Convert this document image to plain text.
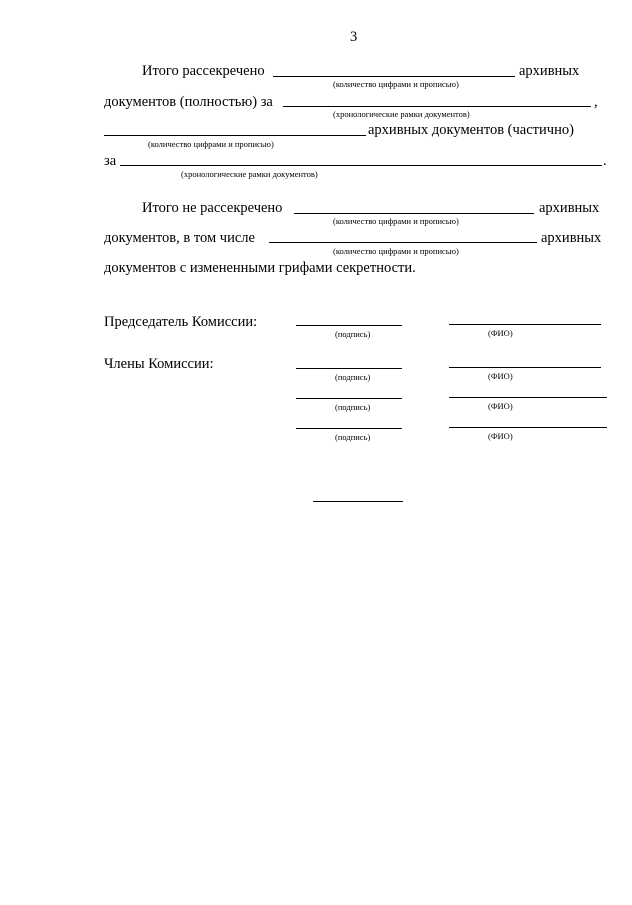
3
Итого рассекречено	архивных
(количество цифрами и прописью)
документов (полностью) за	,
(хронологические рамки документов)
архивных документов (частично)
(количество цифрами и прописью)
за	.
(хронологические рамки документов)
Итого не рассекречено	архивных
(количество цифрами и прописью)
документов, в том числе	архивных
(количество цифрами и прописью)
документов с измененными грифами секретности.
Председатель Комиссии:
(подпись)	(ФИО)
Члены Комиссии:
(подпись)	(ФИО)
(подпись)	(ФИО)
(подпись)	(ФИО)
